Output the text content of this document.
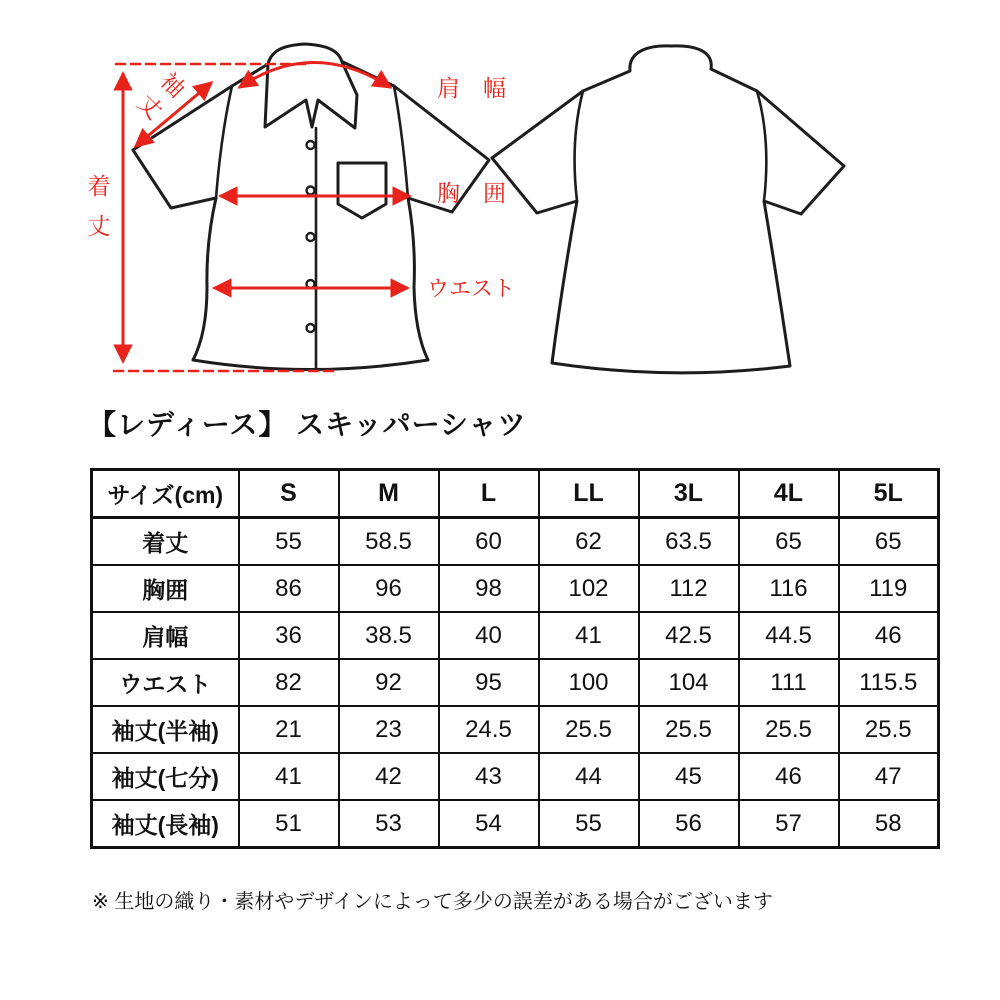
着
丈
袖
丈
肩　幅
胸　囲
ウエスト
【レディース】 スキッパーシャツ
サイズ(cm)	S	M	L	LL	3L	4L	5L
着丈	55	58.5	60	62	63.5	65	65
胸囲	86	96	98	102	112	116	119
肩幅	36	38.5	40	41	42.5	44.5	46
ウエスト	82	92	95	100	104	111	115.5
袖丈(半袖)	21	23	24.5	25.5	25.5	25.5	25.5
袖丈(七分)	41	42	43	44	45	46	47
袖丈(長袖)	51	53	54	55	56	57	58
※ 生地の織り・素材やデザインによって多少の誤差がある場合がございます
